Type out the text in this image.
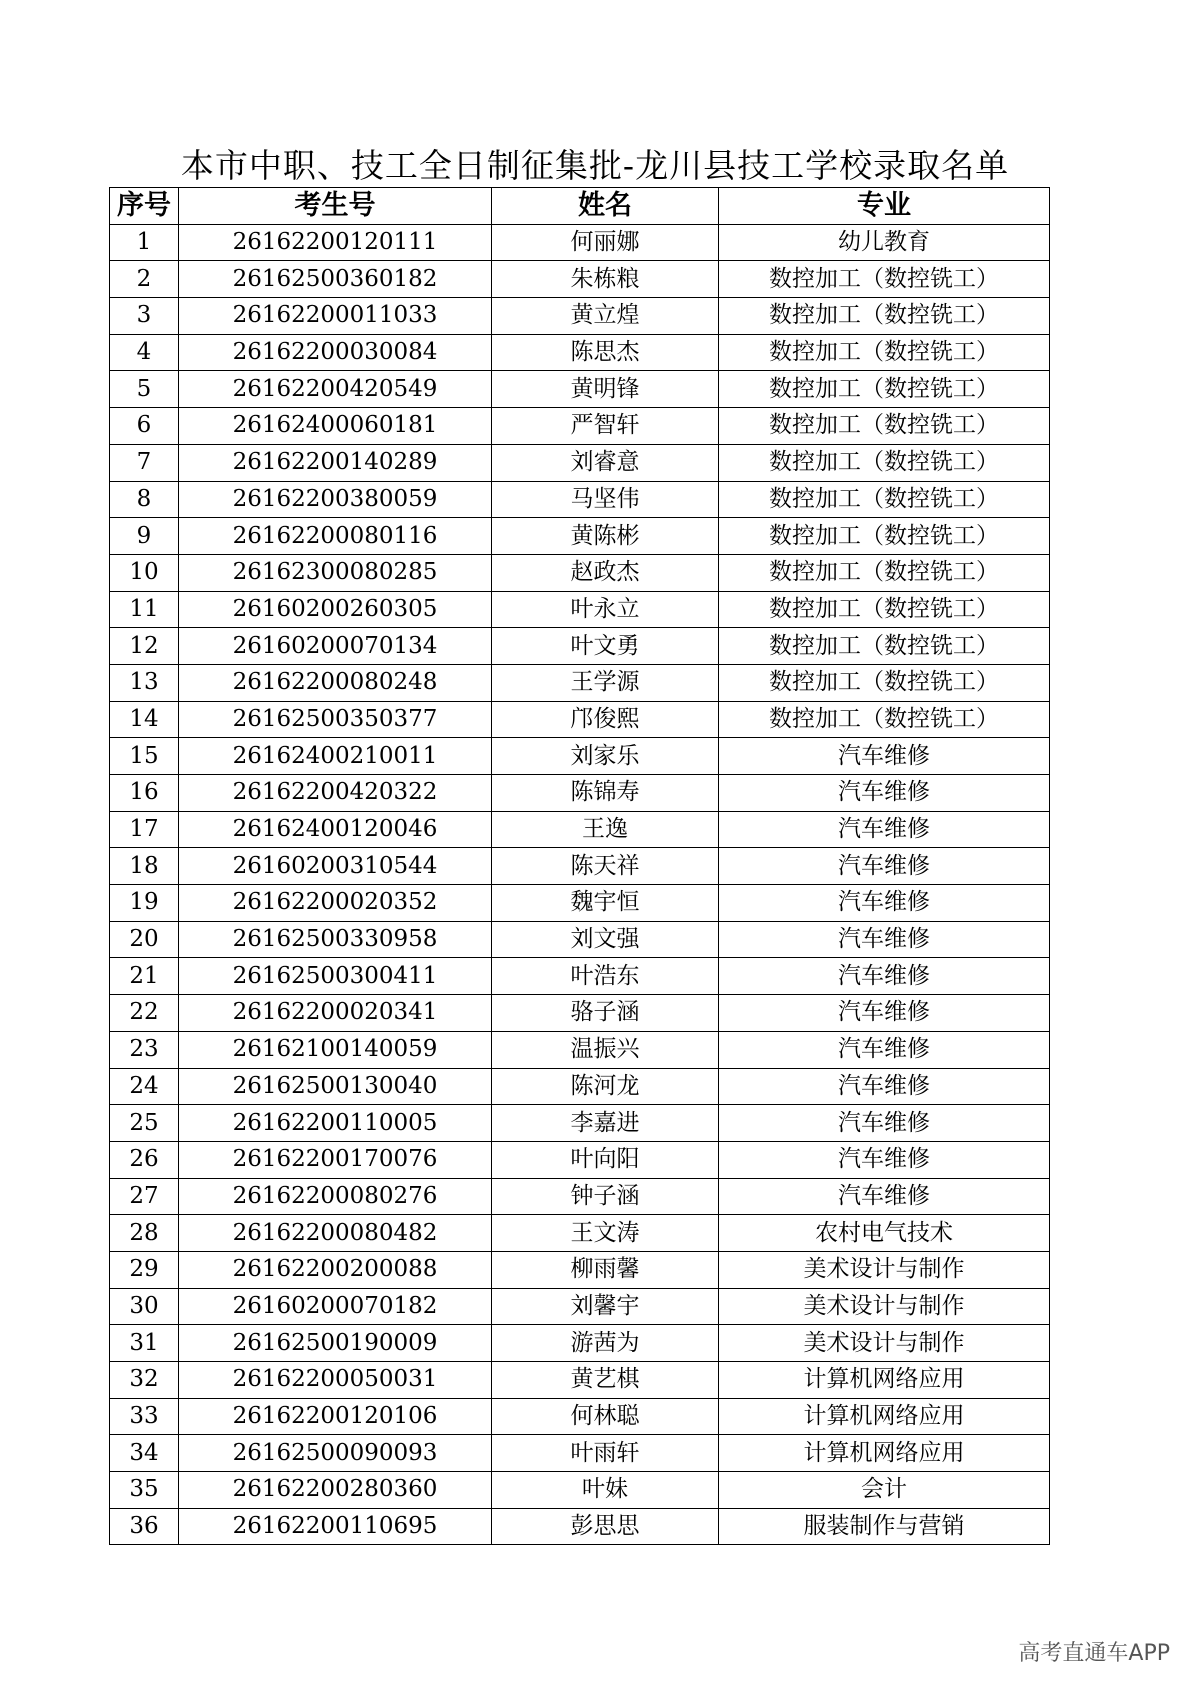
本市中职、技工全日制征集批-龙川县技工学校录取名单
序号	考生号	姓名	专业
1	26162200120111	何丽娜	幼儿教育
2	26162500360182	朱栋粮	数控加工（数控铣工）
3	26162200011033	黄立煌	数控加工（数控铣工）
4	26162200030084	陈思杰	数控加工（数控铣工）
5	26162200420549	黄明锋	数控加工（数控铣工）
6	26162400060181	严智轩	数控加工（数控铣工）
7	26162200140289	刘睿意	数控加工（数控铣工）
8	26162200380059	马坚伟	数控加工（数控铣工）
9	26162200080116	黄陈彬	数控加工（数控铣工）
10	26162300080285	赵政杰	数控加工（数控铣工）
11	26160200260305	叶永立	数控加工（数控铣工）
12	26160200070134	叶文勇	数控加工（数控铣工）
13	26162200080248	王学源	数控加工（数控铣工）
14	26162500350377	邝俊熙	数控加工（数控铣工）
15	26162400210011	刘家乐	汽车维修
16	26162200420322	陈锦寿	汽车维修
17	26162400120046	王逸	汽车维修
18	26160200310544	陈天祥	汽车维修
19	26162200020352	魏宇恒	汽车维修
20	26162500330958	刘文强	汽车维修
21	26162500300411	叶浩东	汽车维修
22	26162200020341	骆子涵	汽车维修
23	26162100140059	温振兴	汽车维修
24	26162500130040	陈河龙	汽车维修
25	26162200110005	李嘉进	汽车维修
26	26162200170076	叶向阳	汽车维修
27	26162200080276	钟子涵	汽车维修
28	26162200080482	王文涛	农村电气技术
29	26162200200088	柳雨馨	美术设计与制作
30	26160200070182	刘馨宇	美术设计与制作
31	26162500190009	游茜为	美术设计与制作
32	26162200050031	黄艺棋	计算机网络应用
33	26162200120106	何林聪	计算机网络应用
34	26162500090093	叶雨轩	计算机网络应用
35	26162200280360	叶妹	会计
36	26162200110695	彭思思	服装制作与营销
高考直通车APP
